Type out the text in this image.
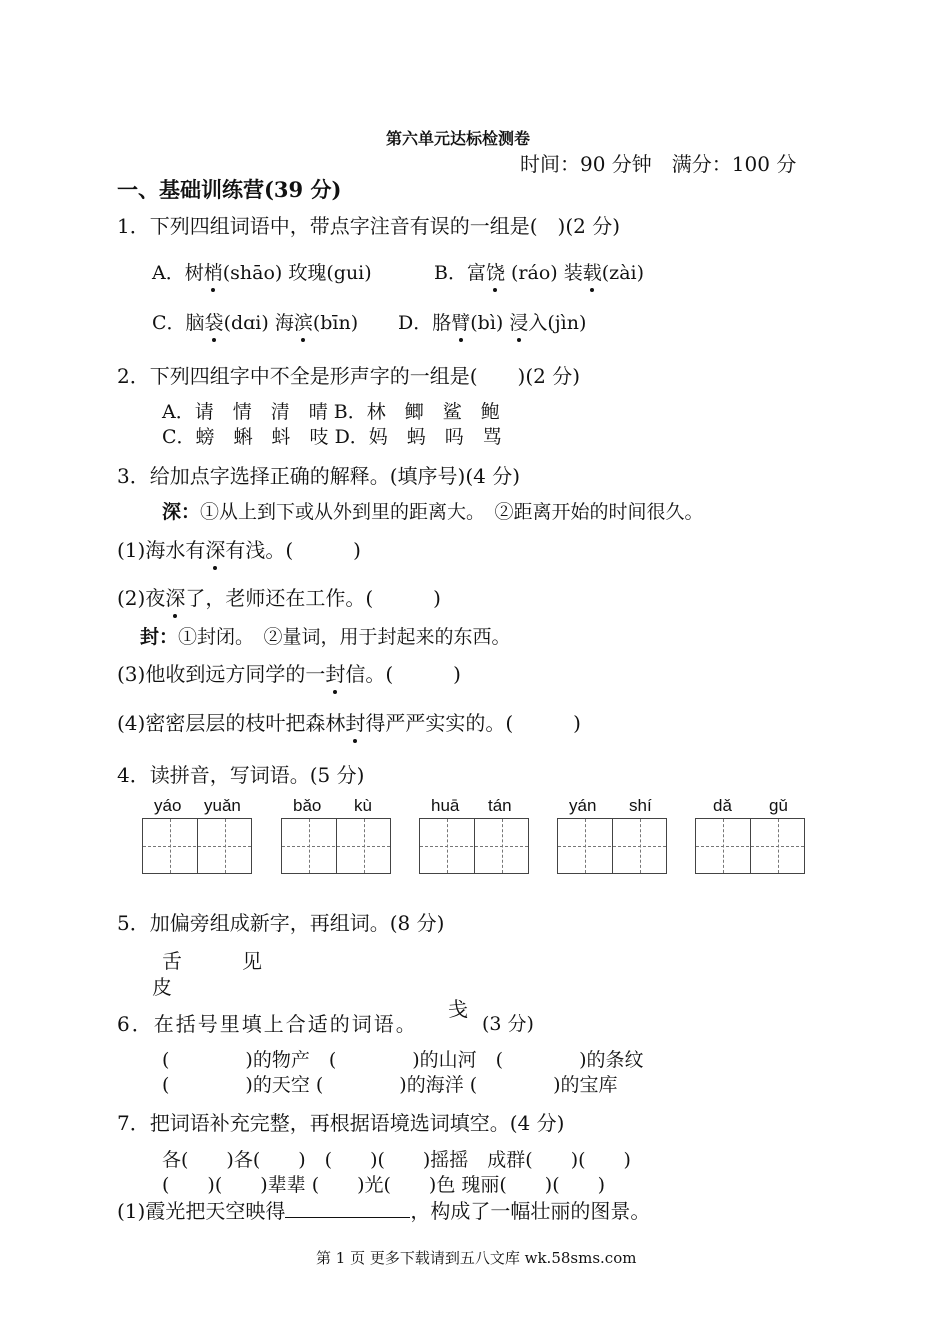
第六单元达标检测卷
时间：90 分钟　满分：100 分
一、基础训练营(39 分)
1．下列四组词语中，带点字注音有误的一组是(　)(2 分)
A．树梢(shāo) 玫瑰(gui)	B．富饶 (ráo) 装载(zài)
C．脑袋(dɑi) 海滨(bīn) D．胳臂(bì) 浸入(jìn)
2．下列四组字中不全是形声字的一组是(　　)(2 分)
A．请　情　清　晴 B．林　鲫　鲨　鲍
C．螃　蝌　蚪　吱 D．妈　蚂　吗　骂
3．给加点字选择正确的解释。(填序号)(4 分)
深：①从上到下或从外到里的距离大。　②距离开始的时间很久。
(1)海水有深有浅。(　　　)
(2)夜深了，老师还在工作。(　　　)
封：①封闭。　②量词，用于封起来的东西。
(3)他收到远方同学的一封信。(　　　)
(4)密密层层的枝叶把森林封得严严实实的。(　　　)
4．读拼音，写词语。(5 分)
yáo yuǎn	bǎo kù	huā tán	yán shí	dǎ gǔ
5．加偏旁组成新字，再组词。(8 分)
舌　　　见
皮
6．在括号里填上合适的词语。
戋
(3 分)
(　　　　)的物产　(　　　　)的山河　(　　　　)的条纹
(　　　　)的天空 (　　　　)的海洋 (　　　　)的宝库
7．把词语补充完整，再根据语境选词填空。(4 分)
各(　　)各(　　)　(　　)(　　)摇摇　成群(　　)(　　)
(　　)(　　)辈辈 (　　)光(　　)色 瑰丽(　　)(　　)
(1)霞光把天空映得	，构成了一幅壮丽的图景。
第 1 页 更多下载请到五八文库 wk.58sms.com
